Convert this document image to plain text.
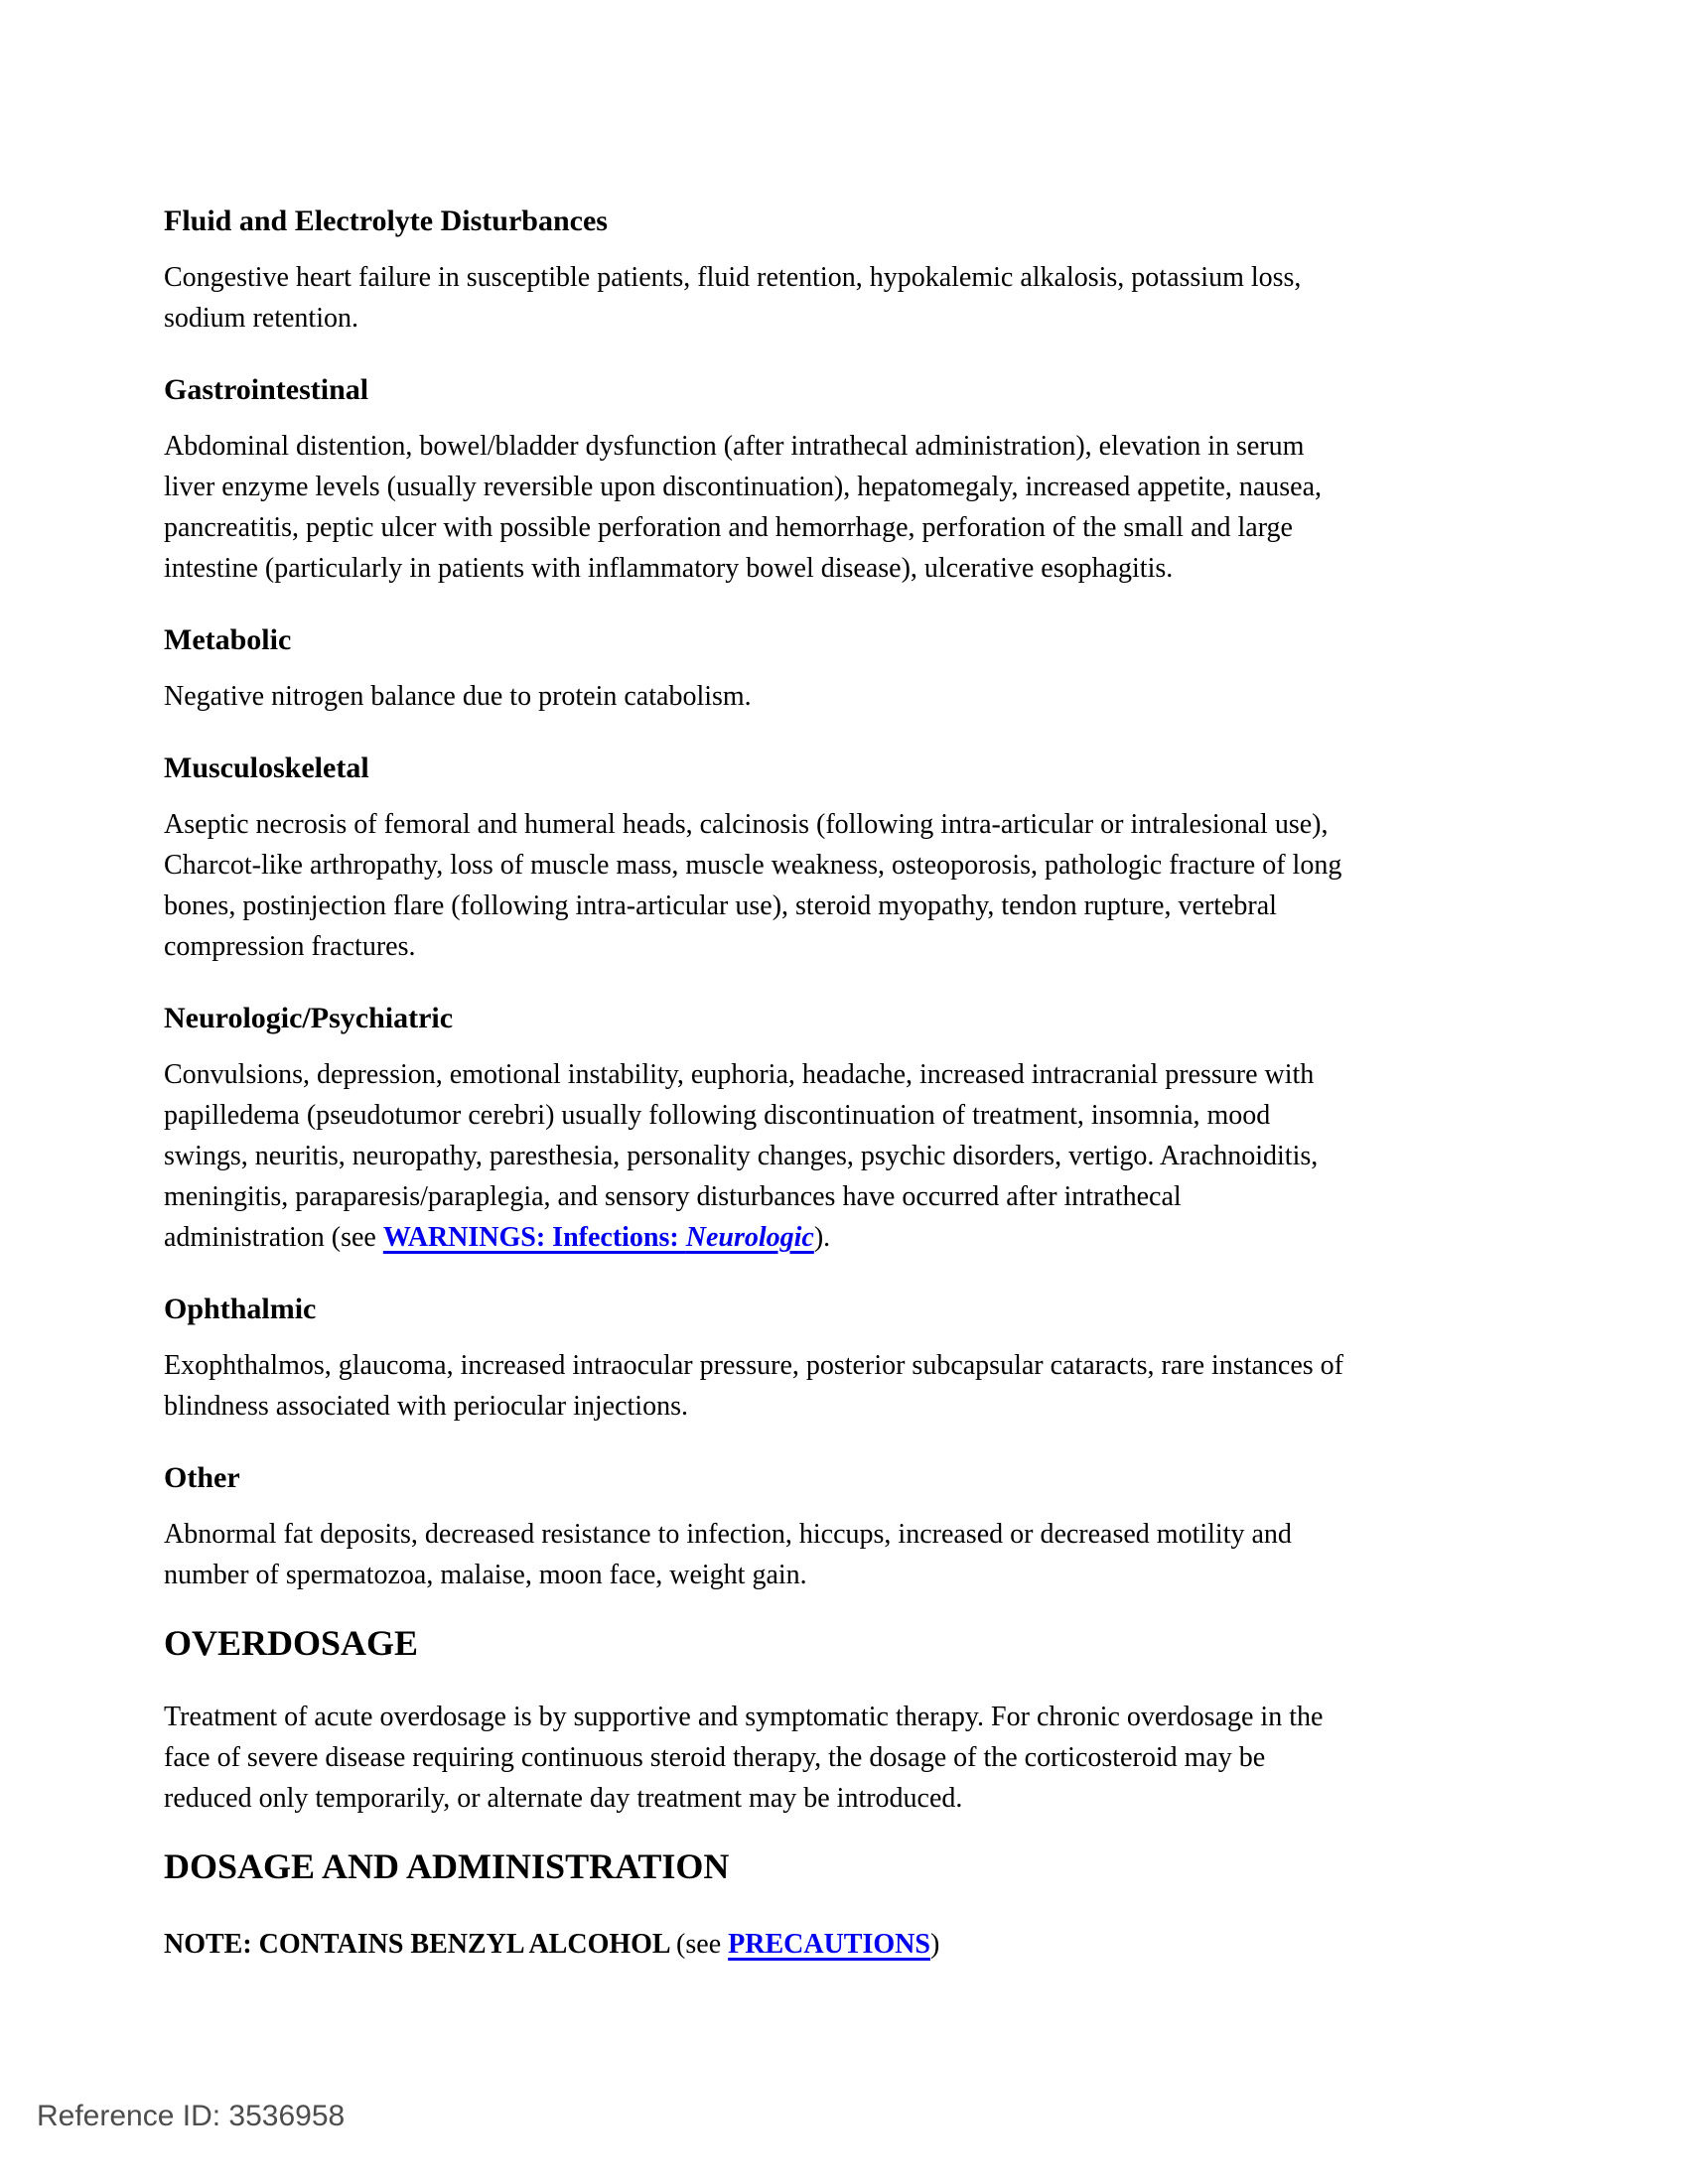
Fluid and Electrolyte Disturbances
Congestive heart failure in susceptible patients, fluid retention, hypokalemic alkalosis, potassium loss,
sodium retention.
Gastrointestinal
Abdominal distention, bowel/bladder dysfunction (after intrathecal administration), elevation in serum
liver enzyme levels (usually reversible upon discontinuation), hepatomegaly, increased appetite, nausea,
pancreatitis, peptic ulcer with possible perforation and hemorrhage, perforation of the small and large
intestine (particularly in patients with inflammatory bowel disease), ulcerative esophagitis.
Metabolic
Negative nitrogen balance due to protein catabolism.
Musculoskeletal
Aseptic necrosis of femoral and humeral heads, calcinosis (following intra-articular or intralesional use),
Charcot-like arthropathy, loss of muscle mass, muscle weakness, osteoporosis, pathologic fracture of long
bones, postinjection flare (following intra-articular use), steroid myopathy, tendon rupture, vertebral
compression fractures.
Neurologic/Psychiatric
Convulsions, depression, emotional instability, euphoria, headache, increased intracranial pressure with
papilledema (pseudotumor cerebri) usually following discontinuation of treatment, insomnia, mood
swings, neuritis, neuropathy, paresthesia, personality changes, psychic disorders, vertigo. Arachnoiditis,
meningitis, paraparesis/paraplegia, and sensory disturbances have occurred after intrathecal
administration (see WARNINGS: Infections: Neurologic).
Ophthalmic
Exophthalmos, glaucoma, increased intraocular pressure, posterior subcapsular cataracts, rare instances of
blindness associated with periocular injections.
Other
Abnormal fat deposits, decreased resistance to infection, hiccups, increased or decreased motility and
number of spermatozoa, malaise, moon face, weight gain.
OVERDOSAGE
Treatment of acute overdosage is by supportive and symptomatic therapy. For chronic overdosage in the
face of severe disease requiring continuous steroid therapy, the dosage of the corticosteroid may be
reduced only temporarily, or alternate day treatment may be introduced.
DOSAGE AND ADMINISTRATION
NOTE: CONTAINS BENZYL ALCOHOL (see PRECAUTIONS)
Reference ID: 3536958
